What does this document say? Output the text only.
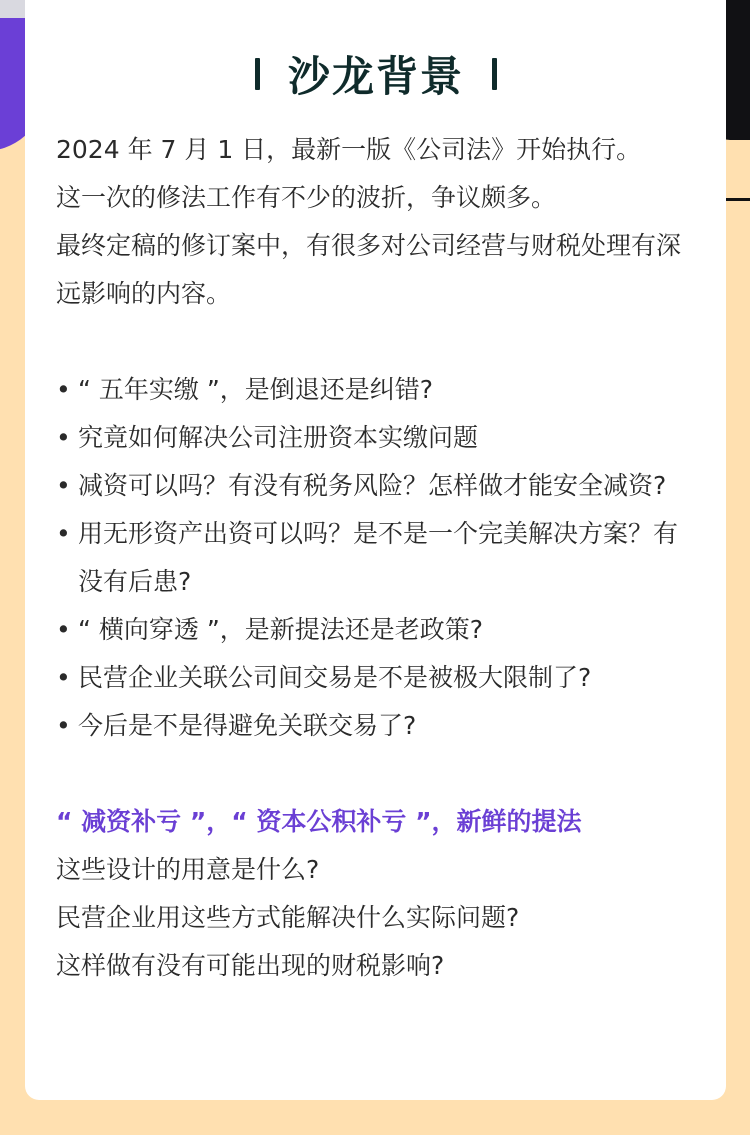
沙龙背景

2024 年 7 月 1 日，最新一版《公司法》开始执行。

这一次的修法工作有不少的波折，争议颇多。

最终定稿的修订案中，有很多对公司经营与财税处理有深远影响的内容。

• “ 五年实缴 ”，是倒退还是纠错?
• 究竟如何解决公司注册资本实缴问题
• 减资可以吗？有没有税务风险？怎样做才能安全减资?
• 用无形资产出资可以吗？是不是一个完美解决方案？有没有后患?
• “ 横向穿透 ”，是新提法还是老政策?
• 民营企业关联公司间交易是不是被极大限制了?
• 今后是不是得避免关联交易了?

“ 减资补亏 ”，“ 资本公积补亏 ”，新鲜的提法

这些设计的用意是什么?

民营企业用这些方式能解决什么实际问题?

这样做有没有可能出现的财税影响?
